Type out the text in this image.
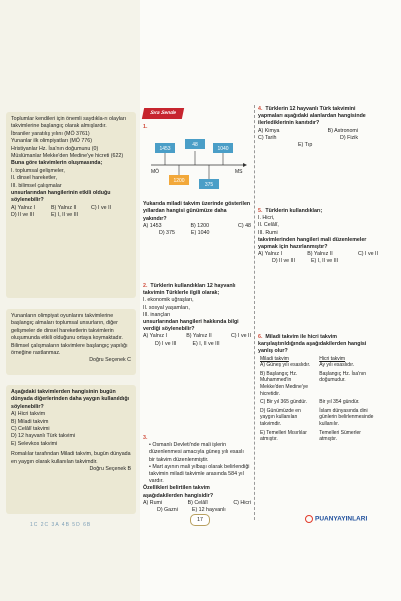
Toplumlar kendileri için önemli saydıkla-rı olayları takvimlerine başlangıç olarak almışlardır.

İbraniler yaratılış yılını (MÖ 3761)

Yunanlar ilk olimpiyatları (MÖ 776)

Hristiyanlar Hz. İsa'nın doğumunu (0)

Müslümanlar Mekke'den Medine'ye hicreti (622)

Buna göre takvimlerin oluşmasında;

I. toplumsal gelişmeler,

II. dinsel hareketler,

III. bilimsel çalışmalar

unsurlarından hangilerinin etkili olduğu söylenebilir?

A) Yalnız I	B) Yalnız II	C) I ve II
D) II ve III	E) I, II ve III

Yunanların olimpiyat oyunlarını takvimlerine başlangıç almaları toplumsal unsurların, diğer gelişmeler de dinsel hareketlerin takvimlerin oluşumunda etkili olduğunu ortaya koymaktadır. Bilimsel çalışmaların takvimlere başlangıç yapılığı örneğine rastlanmaz.

Doğru Seçenek C

Aşağıdaki takvimlerden hangisinin bugün dünyada diğerlerinden daha yaygın kullanıldığı söylenebilir?

A) Hicri takvim

B) Miladi takvim

C) Celâlî takvimi

D) 12 hayvanlı Türk takvimi

E) Selevkos takvimi

Romalılar tarafından Miladi takvim, bugün dünyada en yaygın olarak kullanılan takvimdir.

Doğru Seçenek B

Sıra Sende
1.
1453
48
1040
1200
375
MÖ	MS
Yukarıda miladi takvim üzerinde gösterilen yıllardan hangisi günümüze daha yakındır?
A) 1453	B) 1200	C) 48
D) 375	E) 1040
2. Türklerin kullandıkları 12 hayvanlı takvimin Türklerle ilgili olarak;
I. ekonomik uğraşları,
II. sosyal yaşamları,
III. inançları
unsurlarından hangileri hakkında bilgi verdiği söylenebilir?
A) Yalnız I	B) Yalnız II	C) I ve II
D) I ve III	E) I, II ve III
3.
• Osmanlı Devleti'nde mali işlerin düzenlenmesi amacıyla güneş yılı esaslı bir takvim düzenlenmiştir.
• Mart ayının mali yılbaşı olarak belirlendiği takvimin miladi takvimle arasında 584 yıl vardır.
Özellikleri belirtilen takvim aşağıdakilerden hangisidir?
A) Rumi	B) Celâlî	C) Hicri
D) Gazni	E) 12 hayvanlı
4. Türklerin 12 hayvanlı Türk takvimini yapmaları aşağıdaki alanlardan hangisinde ilerlediklerinin kanıtıdır?
A) Kimya	B) Astronomi
C) Tarih	D) Fizik
E) Tıp
5. Türklerin kullandıkları;
I. Hicri,
II. Celâlî,
III. Rumi
takvimlerinden hangileri mali düzenlemeler yapmak için hazırlanmıştır?
A) Yalnız I	B) Yalnız II	C) I ve II
D) II ve III	E) I, II ve III
6. Miladi takvim ile hicri takvim karşılaştırıldığında aşağıdakilerden hangisi yanlış olur?
Miladi takvim	Hicri takvim
A) Güneş yılı esaslıdır.	Ay yılı esaslıdır.
B) Başlangıç Hz. Muhammed'in Mekke'den Medine'ye hicretidir.	Başlangıç Hz. İsa'nın doğumudur.
C) Bir yıl 365 gündür.	Bir yıl 354 gündür.
D) Günümüzde en yaygın kullanılan takvimdir.	İslam dünyasında dini günlerin belirlenmesinde kullanılır.
E) Temelleri Mısırlılar atmıştır.	Temelleri Sümerler atmıştır.
1C 2C 3A 4B 5D 6B
17	PUANYAYINLARI
